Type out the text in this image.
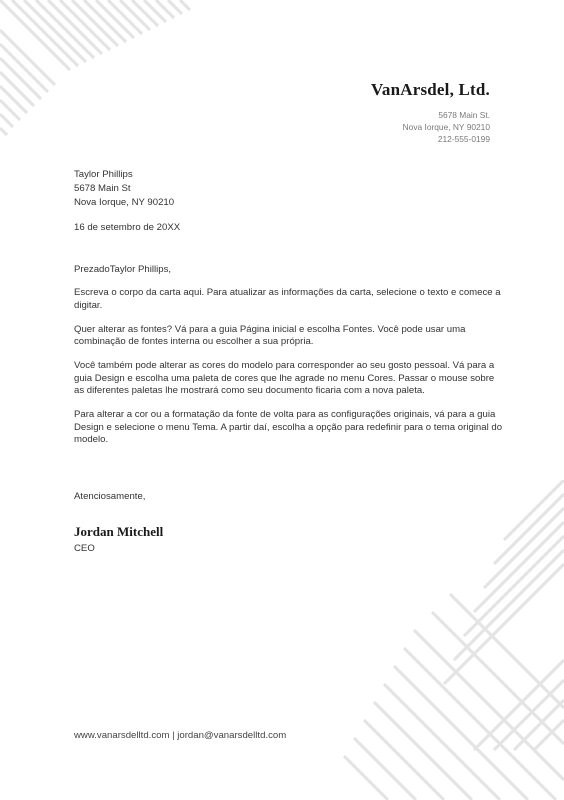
VanArsdel, Ltd.
5678 Main St.
Nova Iorque, NY 90210
212-555-0199
Taylor Phillips
5678 Main St
Nova Iorque, NY 90210
16 de setembro de 20XX

PrezadoTaylor Phillips,

Escreva o corpo da carta aqui. Para atualizar as informações da carta, selecione o texto e comece a digitar.

Quer alterar as fontes? Vá para a guia Página inicial e escolha Fontes. Você pode usar uma combinação de fontes interna ou escolher a sua própria.

Você também pode alterar as cores do modelo para corresponder ao seu gosto pessoal. Vá para a guia Design e escolha uma paleta de cores que lhe agrade no menu Cores. Passar o mouse sobre as diferentes paletas lhe mostrará como seu documento ficaria com a nova paleta.

Para alterar a cor ou a formatação da fonte de volta para as configurações originais, vá para a guia Design e selecione o menu Tema. A partir daí, escolha a opção para redefinir para o tema original do modelo.

Atenciosamente,
Jordan Mitchell
CEO
www.vanarsdelltd.com | jordan@vanarsdelltd.com
